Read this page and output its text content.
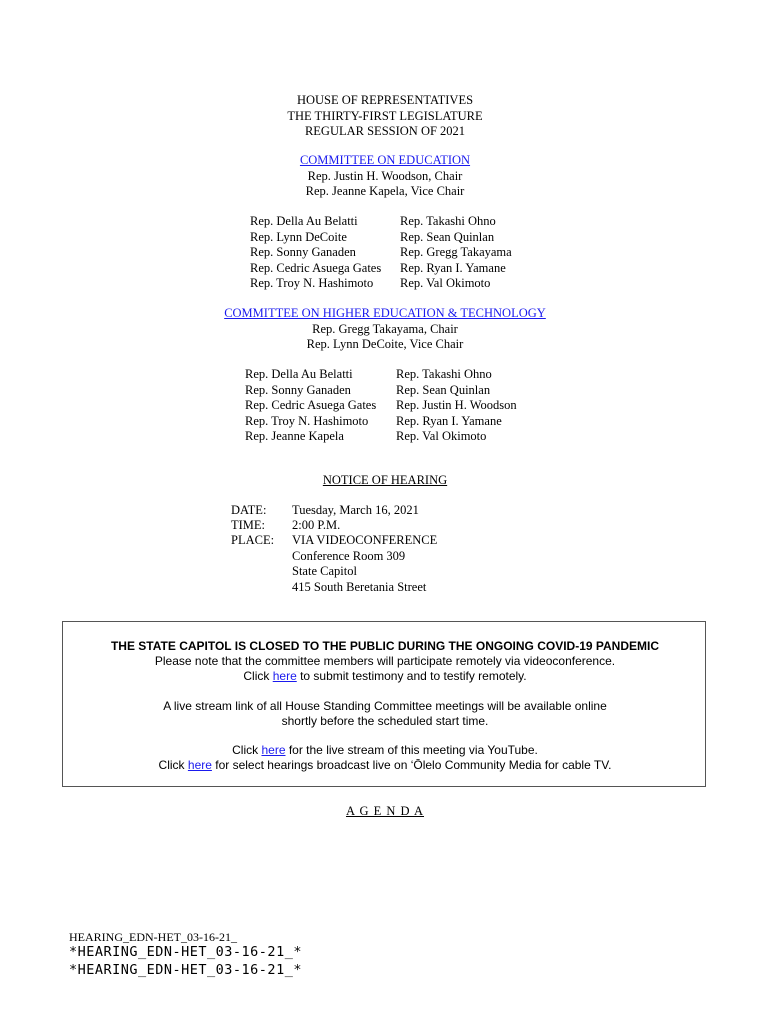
HOUSE OF REPRESENTATIVES
THE THIRTY-FIRST LEGISLATURE
REGULAR SESSION OF 2021
COMMITTEE ON EDUCATION
Rep. Justin H. Woodson, Chair
Rep. Jeanne Kapela, Vice Chair
Rep. Della Au Belatti
Rep. Lynn DeCoite
Rep. Sonny Ganaden
Rep. Cedric Asuega Gates
Rep. Troy N. Hashimoto
Rep. Takashi Ohno
Rep. Sean Quinlan
Rep. Gregg Takayama
Rep. Ryan I. Yamane
Rep. Val Okimoto
COMMITTEE ON HIGHER EDUCATION & TECHNOLOGY
Rep. Gregg Takayama, Chair
Rep. Lynn DeCoite, Vice Chair
Rep. Della Au Belatti
Rep. Sonny Ganaden
Rep. Cedric Asuega Gates
Rep. Troy N. Hashimoto
Rep. Jeanne Kapela
Rep. Takashi Ohno
Rep. Sean Quinlan
Rep. Justin H. Woodson
Rep. Ryan I. Yamane
Rep. Val Okimoto
NOTICE OF HEARING
DATE: Tuesday, March 16, 2021
TIME: 2:00 P.M.
PLACE: VIA VIDEOCONFERENCE
Conference Room 309
State Capitol
415 South Beretania Street
THE STATE CAPITOL IS CLOSED TO THE PUBLIC DURING THE ONGOING COVID-19 PANDEMIC
Please note that the committee members will participate remotely via videoconference.
Click here to submit testimony and to testify remotely.
A live stream link of all House Standing Committee meetings will be available online
shortly before the scheduled start time.
Click here for the live stream of this meeting via YouTube.
Click here for select hearings broadcast live on ‘Ōlelo Community Media for cable TV.
A G E N D A
HEARING_EDN-HET_03-16-21_
*HEARING_EDN-HET_03-16-21_*
*HEARING_EDN-HET_03-16-21_*
